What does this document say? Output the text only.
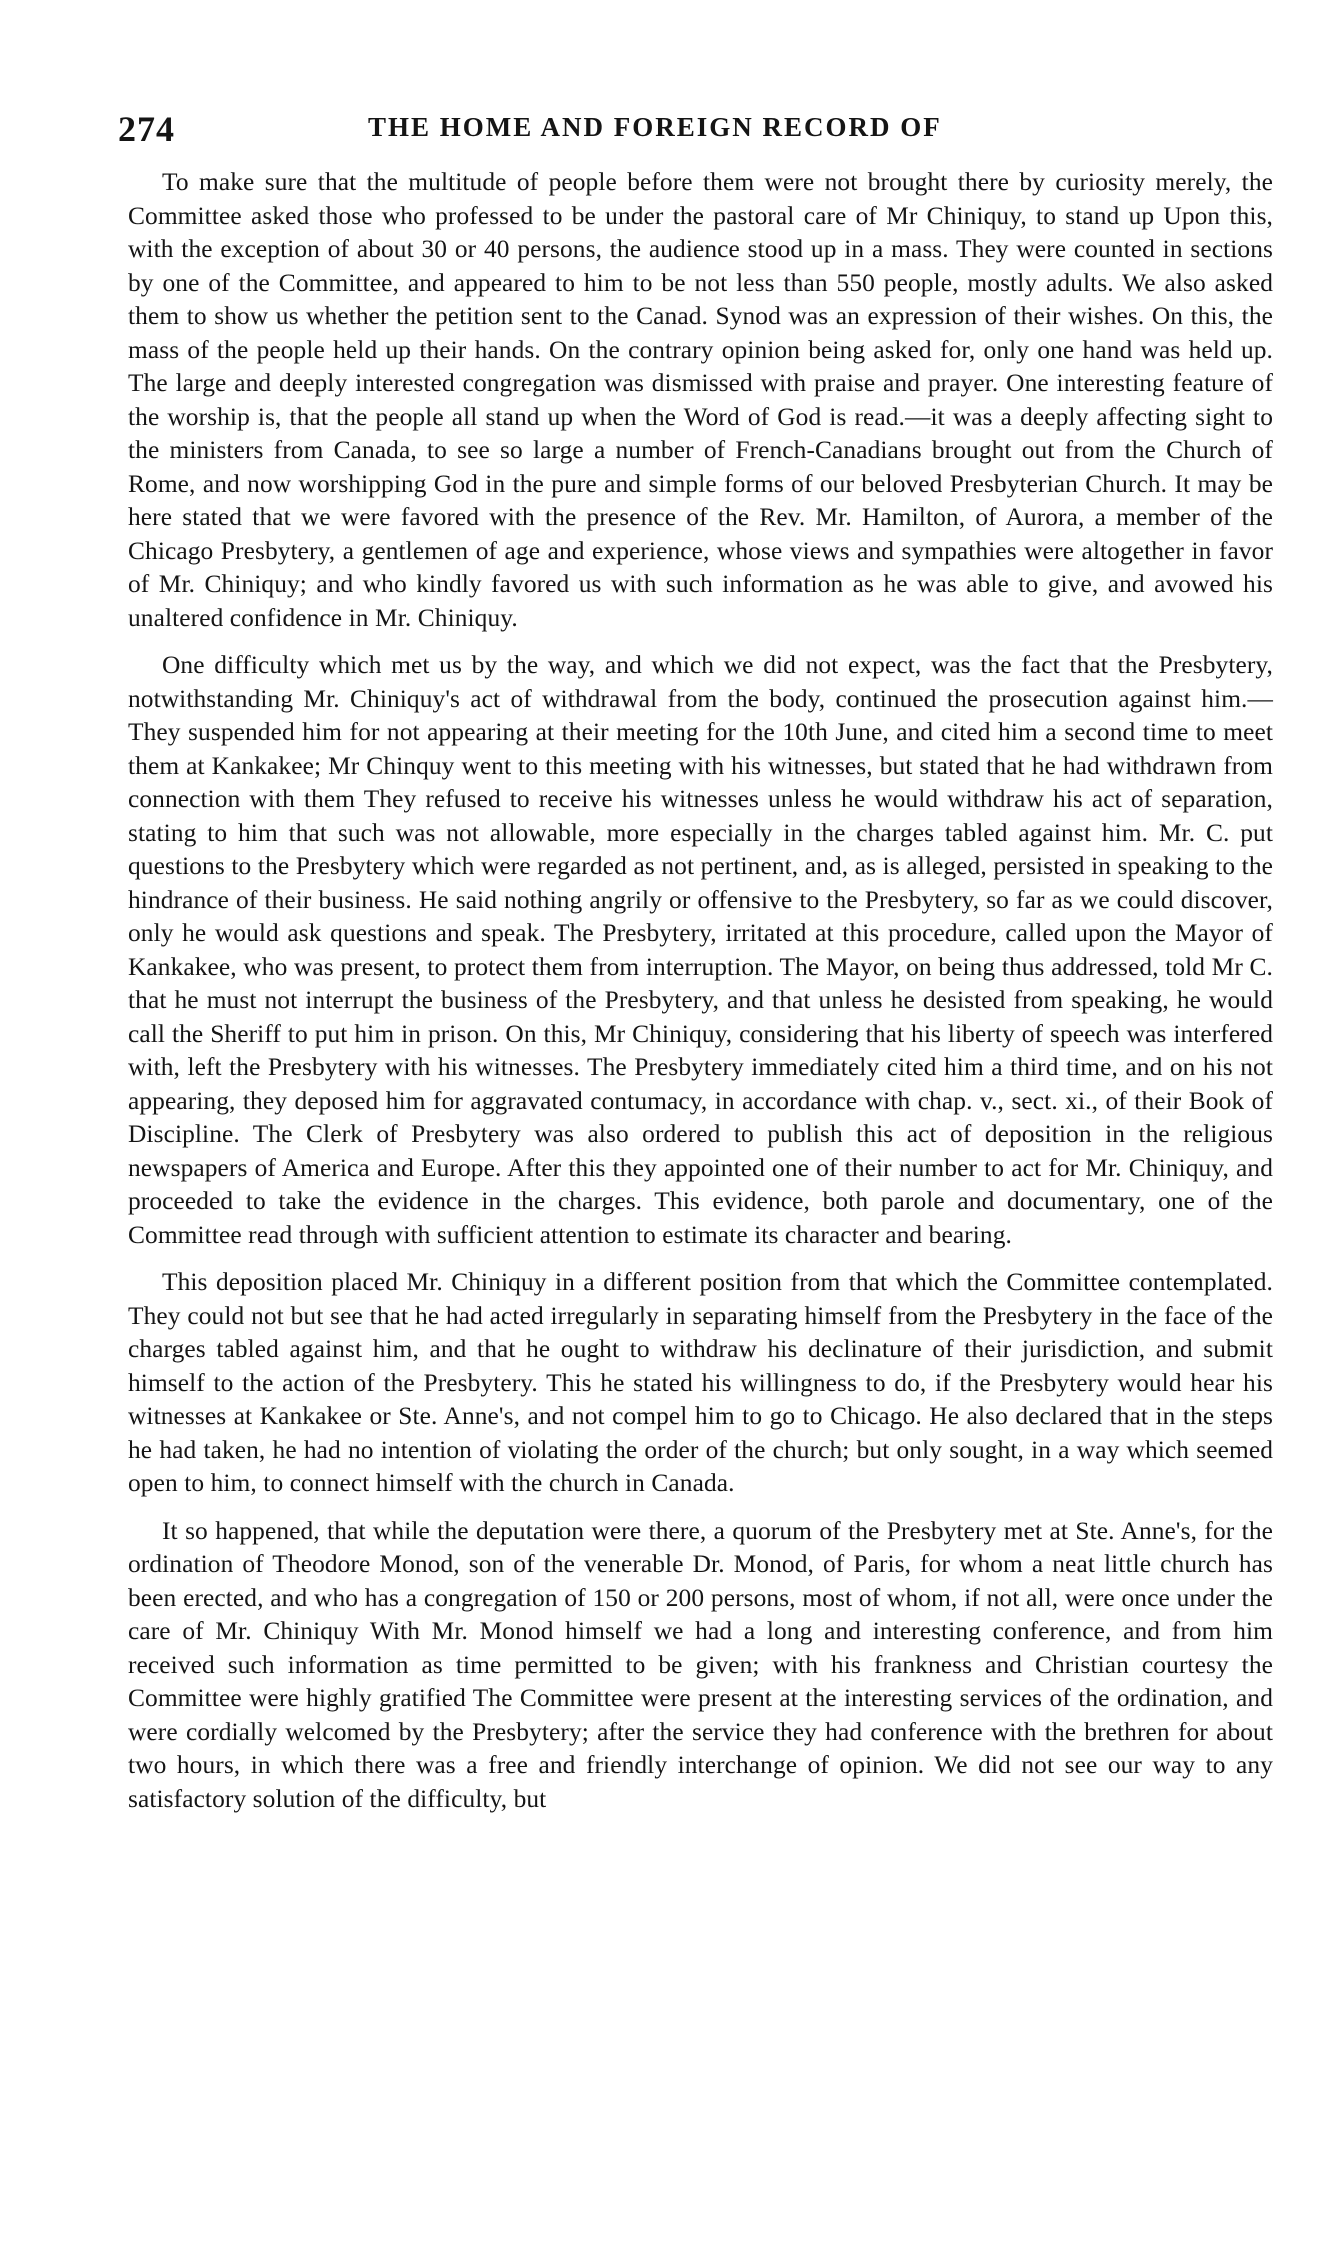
274	THE HOME AND FOREIGN RECORD OF

To make sure that the multitude of people before them were not brought there by curiosity merely, the Committee asked those who professed to be under the pastoral care of Mr Chiniquy, to stand up Upon this, with the exception of about 30 or 40 persons, the audience stood up in a mass. They were counted in sections by one of the Committee, and appeared to him to be not less than 550 people, mostly adults. We also asked them to show us whether the petition sent to the Canad. Synod was an expression of their wishes. On this, the mass of the people held up their hands. On the contrary opinion being asked for, only one hand was held up. The large and deeply interested congregation was dismissed with praise and prayer. One interesting feature of the worship is, that the people all stand up when the Word of God is read.—it was a deeply affecting sight to the ministers from Canada, to see so large a number of French-Canadians brought out from the Church of Rome, and now worshipping God in the pure and simple forms of our beloved Presbyterian Church. It may be here stated that we were favored with the presence of the Rev. Mr. Hamilton, of Aurora, a member of the Chicago Presbytery, a gentlemen of age and experience, whose views and sympathies were altogether in favor of Mr. Chiniquy; and who kindly favored us with such information as he was able to give, and avowed his unaltered confidence in Mr. Chiniquy.

One difficulty which met us by the way, and which we did not expect, was the fact that the Presbytery, notwithstanding Mr. Chiniquy's act of withdrawal from the body, continued the prosecution against him.—They suspended him for not appearing at their meeting for the 10th June, and cited him a second time to meet them at Kankakee; Mr Chinquy went to this meeting with his witnesses, but stated that he had withdrawn from connection with them They refused to receive his witnesses unless he would withdraw his act of separation, stating to him that such was not allowable, more especially in the charges tabled against him. Mr. C. put questions to the Presbytery which were regarded as not pertinent, and, as is alleged, persisted in speaking to the hindrance of their business. He said nothing angrily or offensive to the Presbytery, so far as we could discover, only he would ask questions and speak. The Presbytery, irritated at this procedure, called upon the Mayor of Kankakee, who was present, to protect them from interruption. The Mayor, on being thus addressed, told Mr C. that he must not interrupt the business of the Presbytery, and that unless he desisted from speaking, he would call the Sheriff to put him in prison. On this, Mr Chiniquy, considering that his liberty of speech was interfered with, left the Presbytery with his witnesses. The Presbytery immediately cited him a third time, and on his not appearing, they deposed him for aggravated contumacy, in accordance with chap. v., sect. xi., of their Book of Discipline. The Clerk of Presbytery was also ordered to publish this act of deposition in the religious newspapers of America and Europe. After this they appointed one of their number to act for Mr. Chiniquy, and proceeded to take the evidence in the charges. This evidence, both parole and documentary, one of the Committee read through with sufficient attention to estimate its character and bearing.

This deposition placed Mr. Chiniquy in a different position from that which the Committee contemplated. They could not but see that he had acted irregularly in separating himself from the Presbytery in the face of the charges tabled against him, and that he ought to withdraw his declinature of their jurisdiction, and submit himself to the action of the Presbytery. This he stated his willingness to do, if the Presbytery would hear his witnesses at Kankakee or Ste. Anne's, and not compel him to go to Chicago. He also declared that in the steps he had taken, he had no intention of violating the order of the church; but only sought, in a way which seemed open to him, to connect himself with the church in Canada.

It so happened, that while the deputation were there, a quorum of the Presbytery met at Ste. Anne's, for the ordination of Theodore Monod, son of the venerable Dr. Monod, of Paris, for whom a neat little church has been erected, and who has a congregation of 150 or 200 persons, most of whom, if not all, were once under the care of Mr. Chiniquy With Mr. Monod himself we had a long and interesting conference, and from him received such information as time permitted to be given; with his frankness and Christian courtesy the Committee were highly gratified The Committee were present at the interesting services of the ordination, and were cordially welcomed by the Presbytery; after the service they had conference with the brethren for about two hours, in which there was a free and friendly interchange of opinion. We did not see our way to any satisfactory solution of the difficulty, but
